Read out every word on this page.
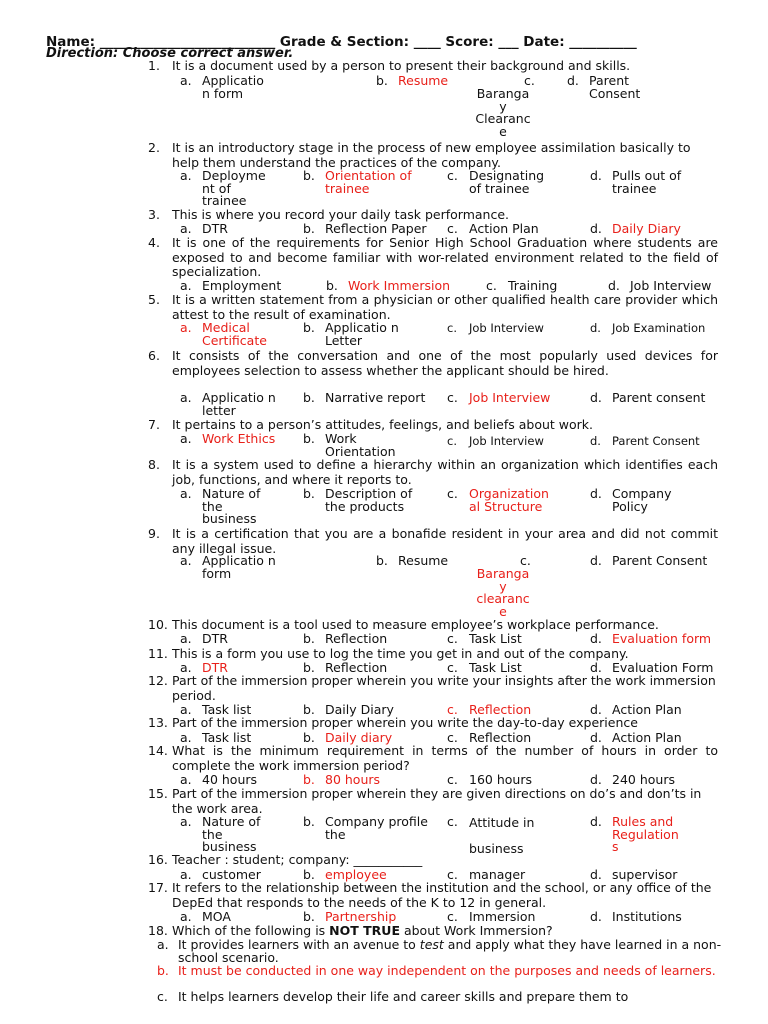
Name: __________________________ Grade & Section: ____ Score: ___ Date: __________
Direction: Choose correct answer.
1. It is a document used by a person to present their background and skills.
a. Applicatio n form
b. Resume	c.
Baranga y Clearanc e
d. Parent Consent
2. It is an introductory stage in the process of new employee assimilation basically to help them understand the practices of the company.
a. Deployme nt of trainee
b. Orientation of trainee
c. Designating of trainee
d. Pulls out of trainee
3. This is where you record your daily task performance.
a. DTR	b. Reflection Paper	c. Action Plan	d. Daily Diary
4. It is one of the requirements for Senior High School Graduation where students are exposed to and become familiar with wor-related environment related to the field of specialization.
a. Employment	b. Work Immersion	c. Training	d. Job Interview
5. It is a written statement from a physician or other qualified health care provider which attest to the result of examination.
a. Medical Certificate
b. Applicatio n Letter
c.	Job Interview	d. Job Examination
6. It consists of the conversation and one of the most popularly used devices for employees selection to assess whether the applicant should be hired.
a. Applicatio n letter
b. Narrative report	c. Job Interview	d. Parent consent
7. It pertains to a person’s attitudes, feelings, and beliefs about work.
a. Work Ethics	b. Work Orientation
c.	Job Interview	d. Parent Consent
8. It is a system used to define a hierarchy within an organization which identifies each job, functions, and where it reports to.
a. Nature of the business
b. Description of the products
c. Organization al Structure
d. Company Policy
9. It is a certification that you are a bonafide resident in your area and did not commit any illegal issue.
a. Applicatio n form
b. Resume	c.
Baranga y clearanc e
d. Parent Consent
10. This document is a tool used to measure employee’s workplace performance.
a. DTR	b. Reflection	c. Task List	d. Evaluation form
11. This is a form you use to log the time you get in and out of the company.
a. DTR	b. Reflection	c. Task List	d. Evaluation Form
12. Part of the immersion proper wherein you write your insights after the work immersion period.
a. Task list	b. Daily Diary	c. Reflection	d. Action Plan
13. Part of the immersion proper wherein you write the day-to-day experience
a. Task list	b. Daily diary	c. Reflection	d. Action Plan
14. What is the minimum requirement in terms of the number of hours in order to complete the work immersion period?
a. 40 hours	b. 80 hours	c. 160 hours	d. 240 hours
15. Part of the immersion proper wherein they are given directions on do’s and don’ts in the work area.
a. Nature of the business
b. Company profile the
c. Attitude in business
d. Rules and Regulation s
16. Teacher : student; company: ___________
a. customer	b. employee	c. manager	d. supervisor
17. It refers to the relationship between the institution and the school, or any office of the DepEd that responds to the needs of the K to 12 in general.
a. MOA	b. Partnership	c. Immersion	d. Institutions
18. Which of the following is NOT TRUE about Work Immersion?
a. It provides learners with an avenue to test and apply what they have learned in a non-school scenario.
b. It must be conducted in one way independent on the purposes and needs of learners.
c. It helps learners develop their life and career skills and prepare them to
